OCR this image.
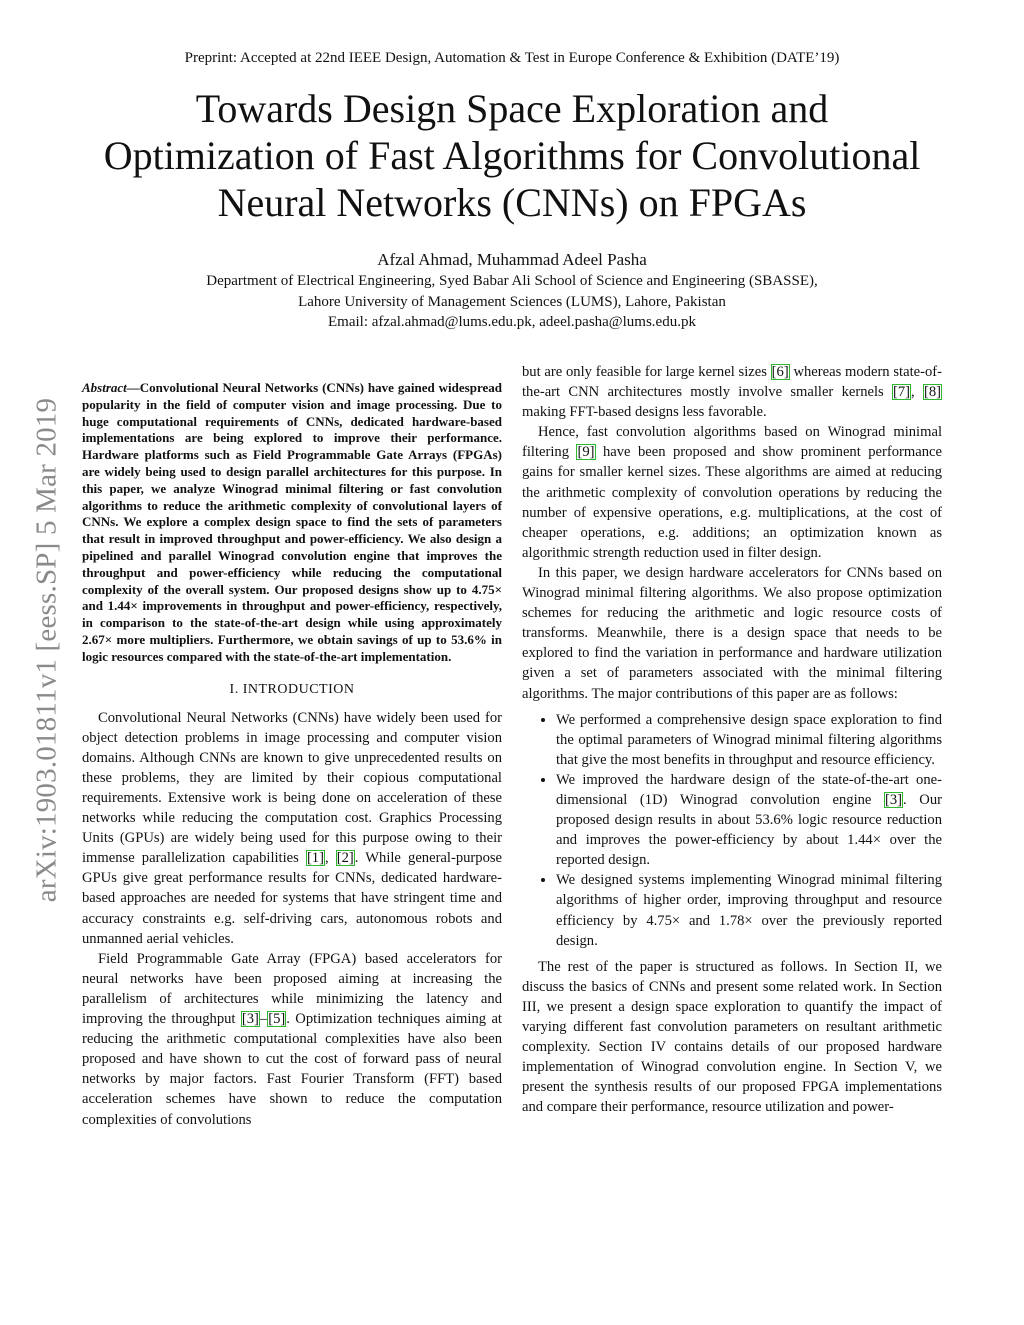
Preprint: Accepted at 22nd IEEE Design, Automation & Test in Europe Conference & Exhibition (DATE’19)
Towards Design Space Exploration and
Optimization of Fast Algorithms for Convolutional
Neural Networks (CNNs) on FPGAs
Afzal Ahmad, Muhammad Adeel Pasha
Department of Electrical Engineering, Syed Babar Ali School of Science and Engineering (SBASSE),
Lahore University of Management Sciences (LUMS), Lahore, Pakistan
Email: afzal.ahmad@lums.edu.pk, adeel.pasha@lums.edu.pk
arXiv:1903.01811v1 [eess.SP] 5 Mar 2019
Abstract—Convolutional Neural Networks (CNNs) have gained widespread popularity in the field of computer vision and image processing. Due to huge computational requirements of CNNs, dedicated hardware-based implementations are being explored to improve their performance. Hardware platforms such as Field Programmable Gate Arrays (FPGAs) are widely being used to design parallel architectures for this purpose. In this paper, we analyze Winograd minimal filtering or fast convolution algorithms to reduce the arithmetic complexity of convolutional layers of CNNs. We explore a complex design space to find the sets of parameters that result in improved throughput and power-efficiency. We also design a pipelined and parallel Winograd convolution engine that improves the throughput and power-efficiency while reducing the computational complexity of the overall system. Our proposed designs show up to 4.75× and 1.44× improvements in throughput and power-efficiency, respectively, in comparison to the state-of-the-art design while using approximately 2.67× more multipliers. Furthermore, we obtain savings of up to 53.6% in logic resources compared with the state-of-the-art implementation.
I. INTRODUCTION

Convolutional Neural Networks (CNNs) have widely been used for object detection problems in image processing and computer vision domains. Although CNNs are known to give unprecedented results on these problems, they are limited by their copious computational requirements. Extensive work is being done on acceleration of these networks while reducing the computation cost. Graphics Processing Units (GPUs) are widely being used for this purpose owing to their immense parallelization capabilities [1], [2]. While general-purpose GPUs give great performance results for CNNs, dedicated hardware-based approaches are needed for systems that have stringent time and accuracy constraints e.g. self-driving cars, autonomous robots and unmanned aerial vehicles.

Field Programmable Gate Array (FPGA) based accelerators for neural networks have been proposed aiming at increasing the parallelism of architectures while minimizing the latency and improving the throughput [3]–[5]. Optimization techniques aiming at reducing the arithmetic computational complexities have also been proposed and have shown to cut the cost of forward pass of neural networks by major factors. Fast Fourier Transform (FFT) based acceleration schemes have shown to reduce the computation complexities of convolutions

but are only feasible for large kernel sizes [6] whereas modern state-of-the-art CNN architectures mostly involve smaller kernels [7], [8] making FFT-based designs less favorable.

Hence, fast convolution algorithms based on Winograd minimal filtering [9] have been proposed and show prominent performance gains for smaller kernel sizes. These algorithms are aimed at reducing the arithmetic complexity of convolution operations by reducing the number of expensive operations, e.g. multiplications, at the cost of cheaper operations, e.g. additions; an optimization known as algorithmic strength reduction used in filter design.

In this paper, we design hardware accelerators for CNNs based on Winograd minimal filtering algorithms. We also propose optimization schemes for reducing the arithmetic and logic resource costs of transforms. Meanwhile, there is a design space that needs to be explored to find the variation in performance and hardware utilization given a set of parameters associated with the minimal filtering algorithms. The major contributions of this paper are as follows:

• We performed a comprehensive design space exploration to find the optimal parameters of Winograd minimal filtering algorithms that give the most benefits in throughput and resource efficiency.
• We improved the hardware design of the state-of-the-art one-dimensional (1D) Winograd convolution engine [3]. Our proposed design results in about 53.6% logic resource reduction and improves the power-efficiency by about 1.44× over the reported design.
• We designed systems implementing Winograd minimal filtering algorithms of higher order, improving throughput and resource efficiency by 4.75× and 1.78× over the previously reported design.

The rest of the paper is structured as follows. In Section II, we discuss the basics of CNNs and present some related work. In Section III, we present a design space exploration to quantify the impact of varying different fast convolution parameters on resultant arithmetic complexity. Section IV contains details of our proposed hardware implementation of Winograd convolution engine. In Section V, we present the synthesis results of our proposed FPGA implementations and compare their performance, resource utilization and power-
